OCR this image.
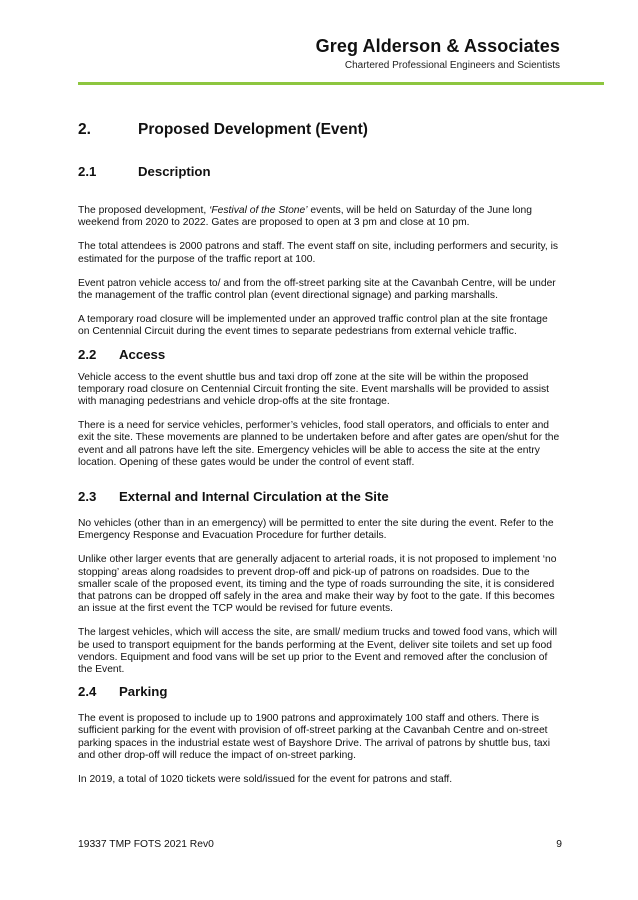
Greg Alderson & Associates
Chartered Professional Engineers and Scientists
2.	Proposed Development (Event)
2.1	Description

The proposed development, ‘Festival of the Stone’ events, will be held on Saturday of the June long weekend from 2020 to 2022. Gates are proposed to open at 3 pm and close at 10 pm.

The total attendees is 2000 patrons and staff. The event staff on site, including performers and security, is estimated for the purpose of the traffic report at 100.

Event patron vehicle access to/ and from the off-street parking site at the Cavanbah Centre, will be under the management of the traffic control plan (event directional signage) and parking marshalls.

A temporary road closure will be implemented under an approved traffic control plan at the site frontage on Centennial Circuit during the event times to separate pedestrians from external vehicle traffic.

2.2	Access

Vehicle access to the event shuttle bus and taxi drop off zone at the site will be within the proposed temporary road closure on Centennial Circuit fronting the site. Event marshalls will be provided to assist with managing pedestrians and vehicle drop-offs at the site frontage.

There is a need for service vehicles, performer’s vehicles, food stall operators, and officials to enter and exit the site. These movements are planned to be undertaken before and after gates are open/shut for the event and all patrons have left the site. Emergency vehicles will be able to access the site at the entry location. Opening of these gates would be under the control of event staff.

2.3	External and Internal Circulation at the Site

No vehicles (other than in an emergency) will be permitted to enter the site during the event. Refer to the Emergency Response and Evacuation Procedure for further details.

Unlike other larger events that are generally adjacent to arterial roads, it is not proposed to implement ‘no stopping’ areas along roadsides to prevent drop-off and pick-up of patrons on roadsides. Due to the smaller scale of the proposed event, its timing and the type of roads surrounding the site, it is considered that patrons can be dropped off safely in the area and make their way by foot to the gate. If this becomes an issue at the first event the TCP would be revised for future events.

The largest vehicles, which will access the site, are small/ medium trucks and towed food vans, which will be used to transport equipment for the bands performing at the Event, deliver site toilets and set up food vendors. Equipment and food vans will be set up prior to the Event and removed after the conclusion of the Event.

2.4	Parking

The event is proposed to include up to 1900 patrons and approximately 100 staff and others. There is sufficient parking for the event with provision of off-street parking at the Cavanbah Centre and on-street parking spaces in the industrial estate west of Bayshore Drive. The arrival of patrons by shuttle bus, taxi and other drop-off will reduce the impact of on-street parking.

In 2019, a total of 1020 tickets were sold/issued for the event for patrons and staff.

19337 TMP FOTS 2021 Rev0	9
